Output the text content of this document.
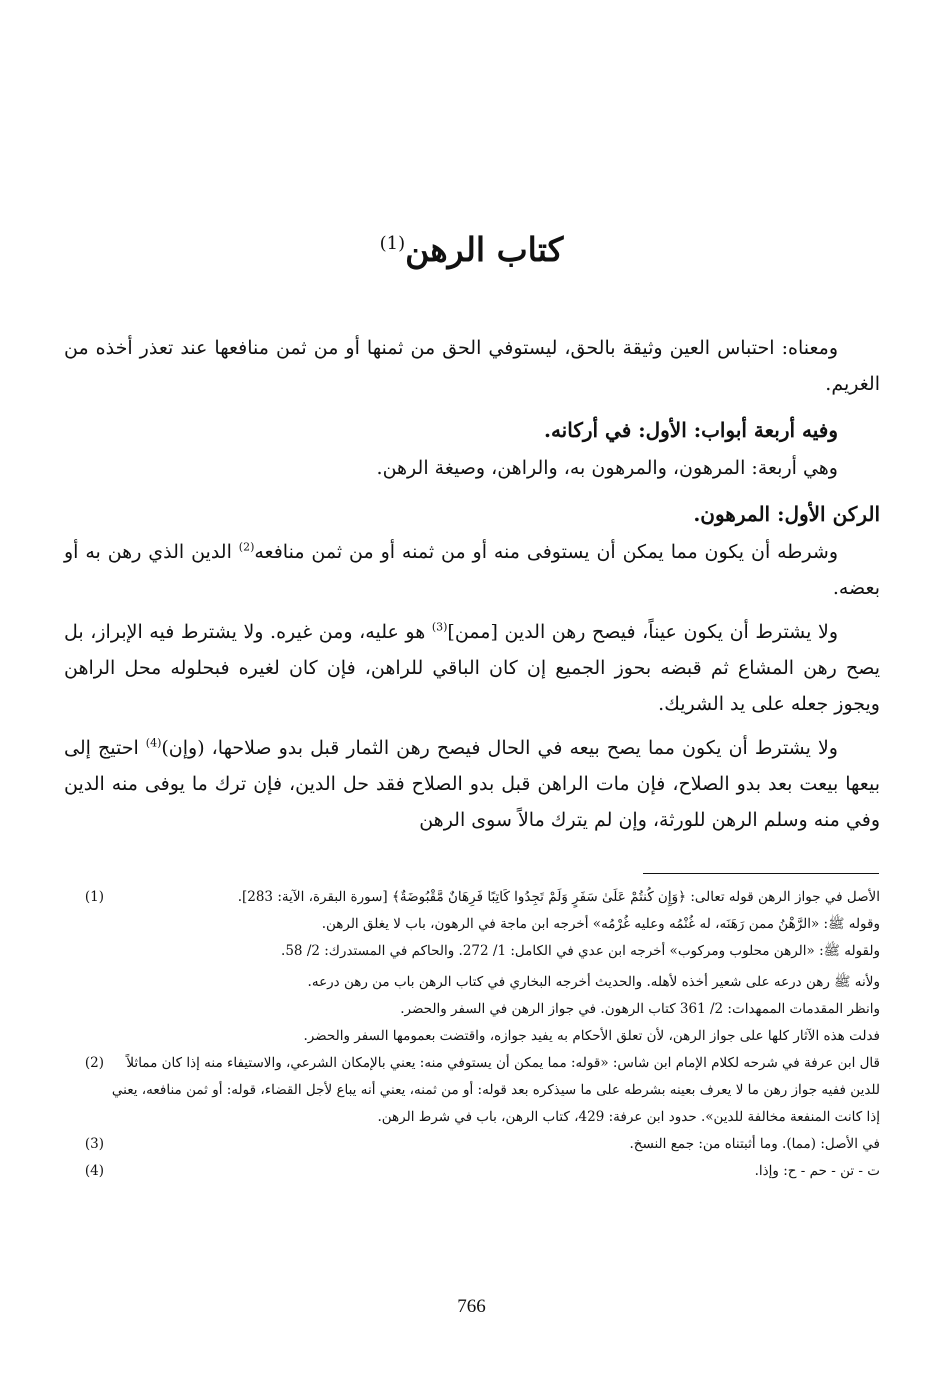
كتاب الرهن$^{(1)}$

ومعناه: احتباس العين وثيقة بالحق، ليستوفي الحق من ثمنها أو من ثمن منافعها عند تعذر أخذه من الغريم.

وفيه أربعة أبواب: الأول: في أركانه.

وهي أربعة: المرهون، والمرهون به، والراهن، وصيغة الرهن.

الركن الأول: المرهون.

وشرطه أن يكون مما يمكن أن يستوفى منه أو من ثمنه أو من ثمن منافعه$^{(2)}$ الدين الذي رهن به أو بعضه.

ولا يشترط أن يكون عيناً، فيصح رهن الدين [ممن]$^{(3)}$ هو عليه، ومن غيره. ولا يشترط فيه الإبراز، بل يصح رهن المشاع ثم قبضه بحوز الجميع إن كان الباقي للراهن، فإن كان لغيره فبحلوله محل الراهن ويجوز جعله على يد الشريك.

ولا يشترط أن يكون مما يصح بيعه في الحال فيصح رهن الثمار قبل بدو صلاحها، (وإن)$^{(4)}$ احتيج إلى بيعها بيعت بعد بدو الصلاح، فإن مات الراهن قبل بدو الصلاح فقد حل الدين، فإن ترك ما يوفى منه الدين وفي منه وسلم الرهن للورثة، وإن لم يترك مالاً سوى الرهن

(1)	الأصل في جواز الرهن قوله تعالى: ﴿وَإِن كُنتُمْ عَلَىٰ سَفَرٍ وَلَمْ تَجِدُوا كَاتِبًا فَرِهَانٌ مَّقْبُوضَةٌ﴾ [سورة البقرة، الآية: 283].
وقوله ﷺ: «الرَّهْنُ ممن رَهَنَه، له غُنْمُه وعليه غُرْمُه» أخرجه ابن ماجة في الرهون، باب لا يغلق الرهن.
ولقوله ﷺ: «الرهن محلوب ومركوب» أخرجه ابن عدي في الكامل: 1/ 272. والحاكم في المستدرك: 2/ 58.
ولأنه ﷺ رهن درعه على شعير أخذه لأهله. والحديث أخرجه البخاري في كتاب الرهن باب من رهن درعه.
وانظر المقدمات الممهدات: 2/ 361 كتاب الرهون. في جواز الرهن في السفر والحضر.
فدلت هذه الآثار كلها على جواز الرهن، لأن تعلق الأحكام به يفيد جوازه، واقتضت بعمومها السفر والحضر.
(2)	قال ابن عرفة في شرحه لكلام الإمام ابن شاس: «قوله: مما يمكن أن يستوفي منه: يعني بالإمكان الشرعي، والاستيفاء منه إذا كان مماثلاً للدين ففيه جواز رهن ما لا يعرف بعينه بشرطه على ما سيذكره بعد قوله: أو من ثمنه، يعني أنه يباع لأجل القضاء، قوله: أو ثمن منافعه، يعني إذا كانت المنفعة مخالفة للدين». حدود ابن عرفة: 429، كتاب الرهن، باب في شرط الرهن.
(3)	في الأصل: (مما). وما أثبتناه من: جمع النسخ.
(4)	ت - تن - حم - ح: وإذا.
766
